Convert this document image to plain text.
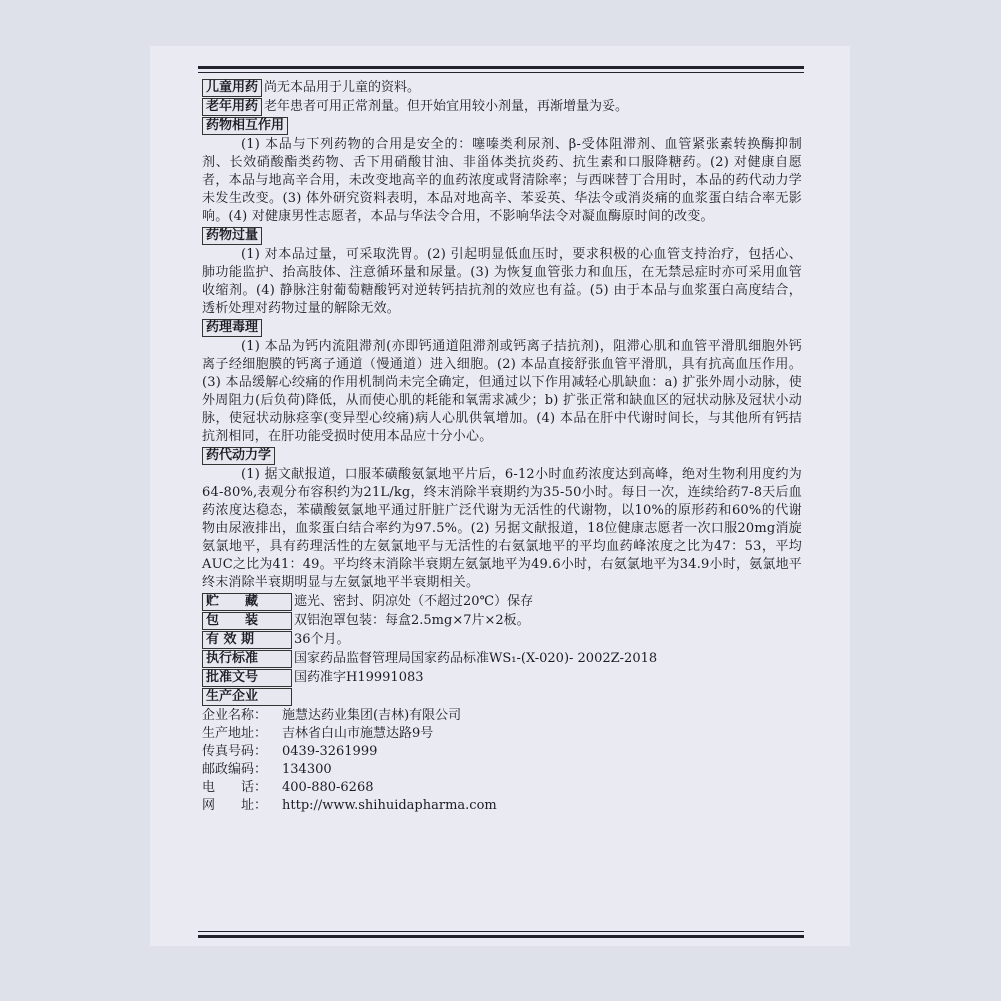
儿童用药 尚无本品用于儿童的资料。
老年用药 老年患者可用正常剂量。但开始宜用较小剂量，再渐增量为妥。
药物相互作用
(1) 本品与下列药物的合用是安全的：噻嗪类利尿剂、β-受体阻滞剂、血管紧张素转换酶抑制剂、长效硝酸酯类药物、舌下用硝酸甘油、非甾体类抗炎药、抗生素和口服降糖药。(2) 对健康自愿者，本品与地高辛合用，未改变地高辛的血药浓度或肾清除率；与西咪替丁合用时，本品的药代动力学未发生改变。(3) 体外研究资料表明，本品对地高辛、苯妥英、华法令或消炎痛的血浆蛋白结合率无影响。(4) 对健康男性志愿者，本品与华法令合用，不影响华法令对凝血酶原时间的改变。
药物过量
(1) 对本品过量，可采取洗胃。(2) 引起明显低血压时，要求积极的心血管支持治疗，包括心、肺功能监护、抬高肢体、注意循环量和尿量。(3) 为恢复血管张力和血压，在无禁忌症时亦可采用血管收缩剂。(4) 静脉注射葡萄糖酸钙对逆转钙拮抗剂的效应也有益。(5) 由于本品与血浆蛋白高度结合，透析处理对药物过量的解除无效。
药理毒理
(1) 本品为钙内流阻滞剂(亦即钙通道阻滞剂或钙离子拮抗剂)，阻滞心肌和血管平滑肌细胞外钙离子经细胞膜的钙离子通道（慢通道）进入细胞。(2) 本品直接舒张血管平滑肌，具有抗高血压作用。(3) 本品缓解心绞痛的作用机制尚未完全确定，但通过以下作用减轻心肌缺血：a) 扩张外周小动脉，使外周阻力(后负荷)降低，从而使心肌的耗能和氧需求减少；b) 扩张正常和缺血区的冠状动脉及冠状小动脉，使冠状动脉痉挛(变异型心绞痛)病人心肌供氧增加。(4) 本品在肝中代谢时间长，与其他所有钙拮抗剂相同，在肝功能受损时使用本品应十分小心。
药代动力学
(1) 据文献报道，口服苯磺酸氨氯地平片后，6-12小时血药浓度达到高峰，绝对生物利用度约为64-80%,表观分布容积约为21L/kg，终末消除半衰期约为35-50小时。每日一次，连续给药7-8天后血药浓度达稳态，苯磺酸氨氯地平通过肝脏广泛代谢为无活性的代谢物，以10%的原形药和60%的代谢物由尿液排出，血浆蛋白结合率约为97.5%。(2) 另据文献报道，18位健康志愿者一次口服20mg消旋氨氯地平，具有药理活性的左氨氯地平与无活性的右氨氯地平的平均血药峰浓度之比为47：53，平均 AUC之比为41：49。平均终末消除半衰期左氨氯地平为49.6小时，右氨氯地平为34.9小时，氨氯地平终末消除半衰期明显与左氨氯地平半衰期相关。
贮　　藏	遮光、密封、阴凉处（不超过20℃）保存
包　　装	双铝泡罩包装：每盒2.5mg×7片×2板。
有 效 期	36个月。
执行标准	国家药品监督管理局国家药品标准WS₁-(X-020)- 2002Z-2018
批准文号	国药准字H19991083
生产企业
企业名称：	施慧达药业集团(吉林)有限公司
生产地址：	吉林省白山市施慧达路9号
传真号码：	0439-3261999
邮政编码：	134300
电　　话：	400-880-6268
网　　址：	http://www.shihuidapharma.com
